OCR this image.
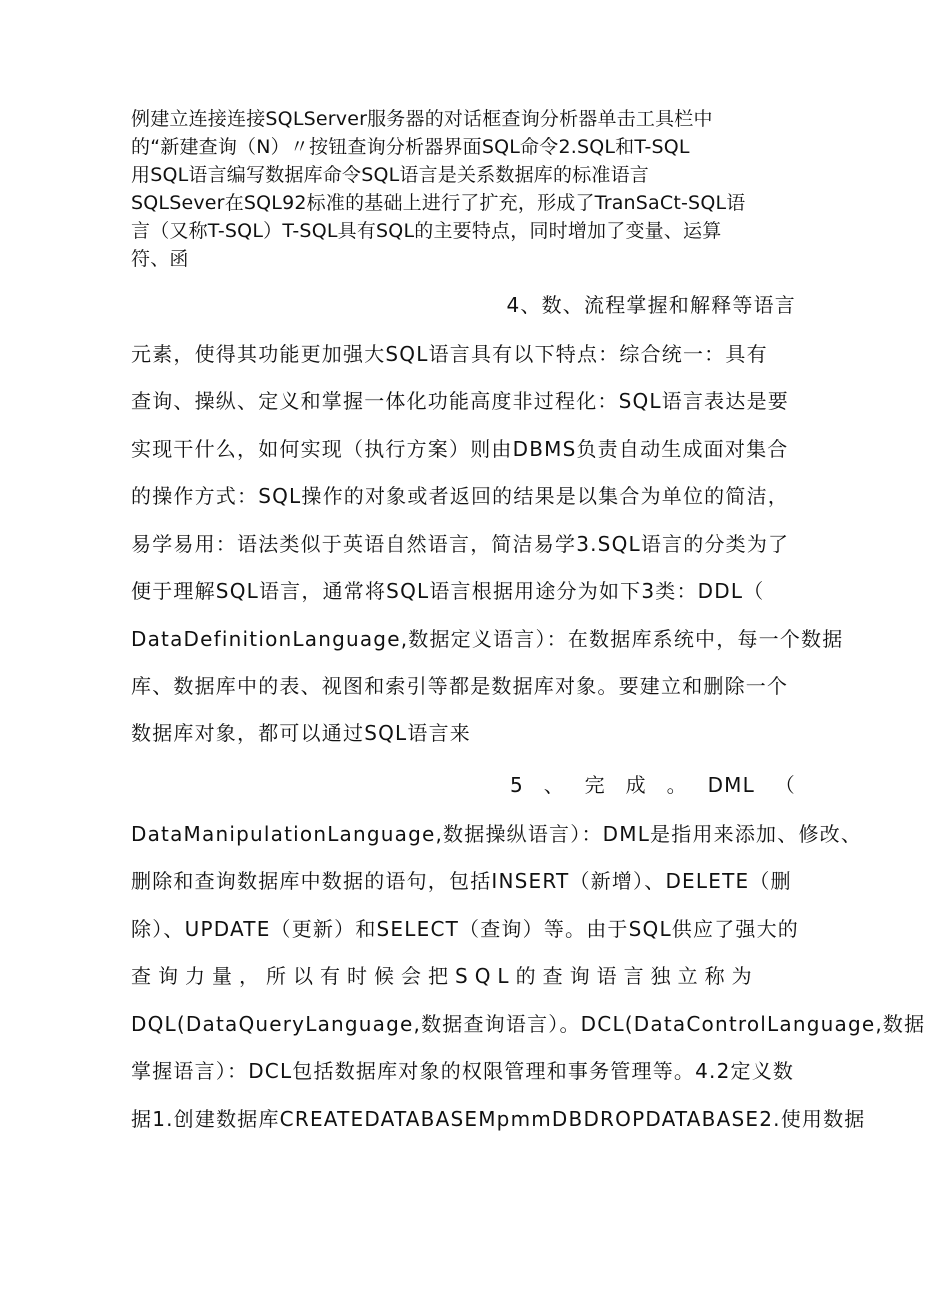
例建立连接连接SQLServer服务器的对话框查询分析器单击工具栏中
的“新建查询（N）〃按钮查询分析器界面SQL命令2.SQL和T-SQL
用SQL语言编写数据库命令SQL语言是关系数据库的标准语言
SQLSever在SQL92标准的基础上进行了扩充，形成了TranSaCt-SQL语
言（又称T-SQL）T-SQL具有SQL的主要特点，同时增加了变量、运算
符、函
4、数、流程掌握和解释等语言
元素，使得其功能更加强大SQL语言具有以下特点：综合统一：具有
查询、操纵、定义和掌握一体化功能高度非过程化：SQL语言表达是要
实现干什么，如何实现（执行方案）则由DBMS负责自动生成面对集合
的操作方式：SQL操作的对象或者返回的结果是以集合为单位的简洁，
易学易用：语法类似于英语自然语言，简洁易学3.SQL语言的分类为了
便于理解SQL语言，通常将SQL语言根据用途分为如下3类：DDL（
DataDefinitionLanguage,数据定义语言）：在数据库系统中，每一个数据
库、数据库中的表、视图和索引等都是数据库对象。要建立和删除一个
数据库对象，都可以通过SQL语言来
5 、 完 成 。 DML （
DataManipulationLanguage,数据操纵语言）：DML是指用来添加、修改、
删除和查询数据库中数据的语句，包括INSERT（新增）、DELETE（删
除）、UPDATE（更新）和SELECT（查询）等。由于SQL供应了强大的
查询力量，所以有时候会把SQL的查询语言独立称为
DQL(DataQueryLanguage,数据查询语言）。DCL(DataControlLanguage,数据
掌握语言）：DCL包括数据库对象的权限管理和事务管理等。4.2定义数
据1.创建数据库CREATEDATABASEMpmmDBDROPDATABASE2.使用数据
